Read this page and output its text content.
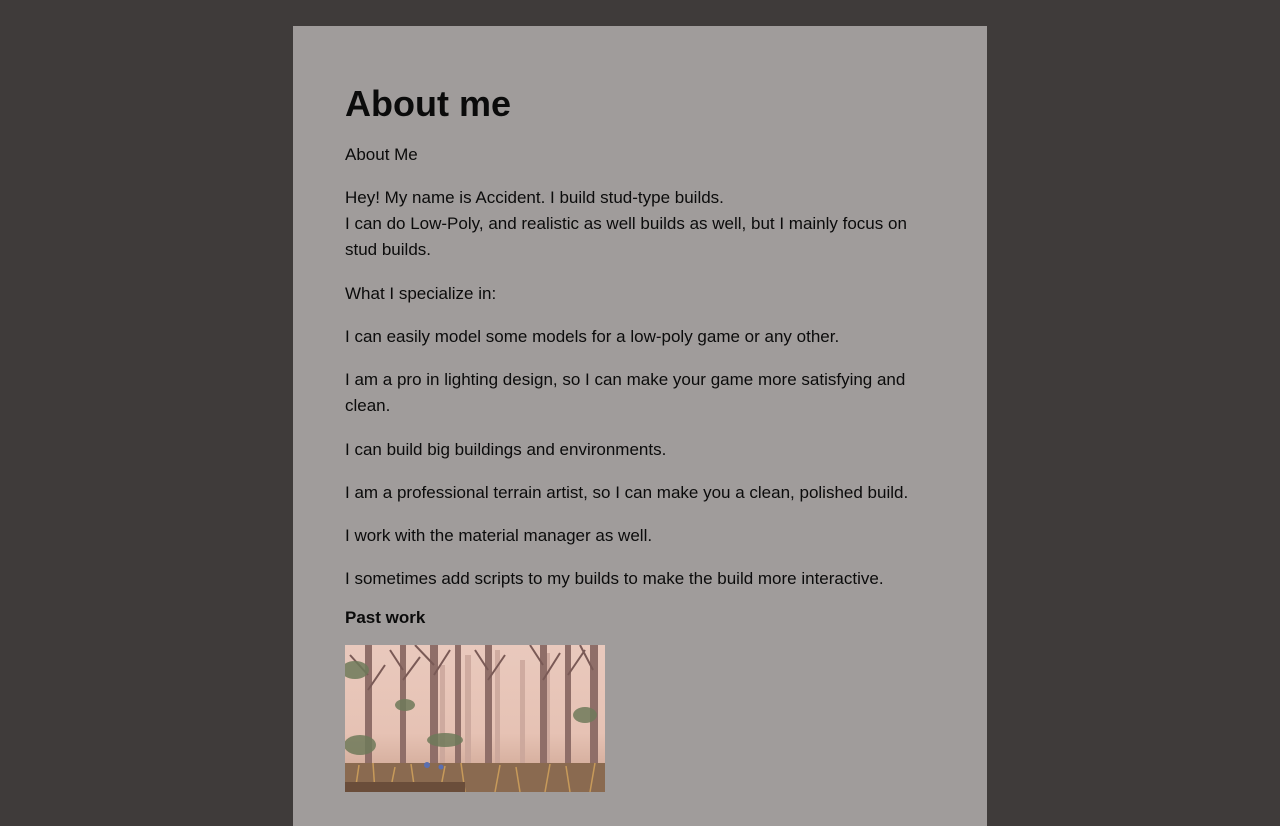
About me

About Me

Hey! My name is Accident. I build stud-type builds.
I can do Low-Poly, and realistic as well builds as well, but I mainly focus on stud builds.

What I specialize in:

I can easily model some models for a low-poly game or any other.

I am a pro in lighting design, so I can make your game more satisfying and clean.

I can build big buildings and environments.

I am a professional terrain artist, so I can make you a clean, polished build.

I work with the material manager as well.

I sometimes add scripts to my builds to make the build more interactive.

Past work
